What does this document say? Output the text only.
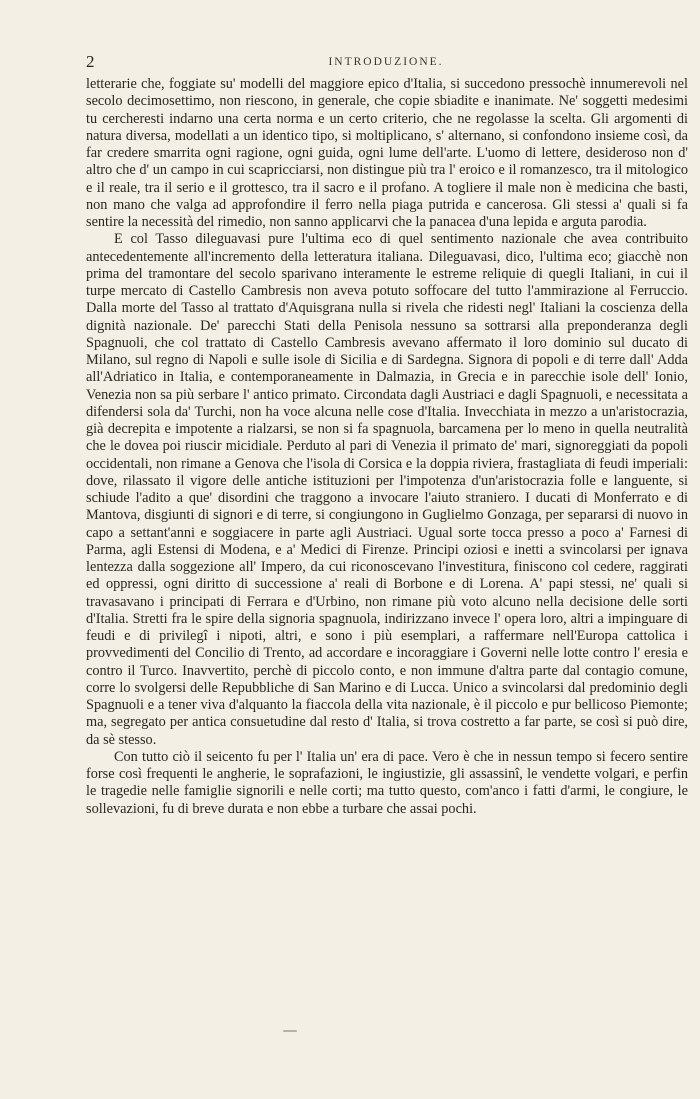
2	INTRODUZIONE.

letterarie che, foggiate su' modelli del maggiore epico d'Italia, si succedono pressochè innumerevoli nel secolo decimosettimo, non riescono, in generale, che copie sbiadite e inanimate. Ne' soggetti medesimi tu cercheresti indarno una certa norma e un certo criterio, che ne regolasse la scelta. Gli argomenti di natura diversa, modellati a un identico tipo, si moltiplicano, s' alternano, si confondono insieme così, da far credere smarrita ogni ragione, ogni guida, ogni lume dell'arte. L'uomo di lettere, desideroso non d' altro che d' un campo in cui scapricciarsi, non distingue più tra l' eroico e il romanzesco, tra il mitologico e il reale, tra il serio e il grottesco, tra il sacro e il profano. A togliere il male non è medicina che basti, non mano che valga ad approfondire il ferro nella piaga putrida e cancerosa. Gli stessi a' quali si fa sentire la necessità del rimedio, non sanno applicarvi che la panacea d'una lepida e arguta parodia.

E col Tasso dileguavasi pure l'ultima eco di quel sentimento nazionale che avea contribuito antecedentemente all'incremento della letteratura italiana. Dileguavasi, dico, l'ultima eco; giacchè non prima del tramontare del secolo sparivano interamente le estreme reliquie di quegli Italiani, in cui il turpe mercato di Castello Cambresis non aveva potuto soffocare del tutto l'ammirazione al Ferruccio. Dalla morte del Tasso al trattato d'Aquisgrana nulla si rivela che ridesti negl' Italiani la coscienza della dignità nazionale. De' parecchi Stati della Penisola nessuno sa sottrarsi alla preponderanza degli Spagnuoli, che col trattato di Castello Cambresis avevano affermato il loro dominio sul ducato di Milano, sul regno di Napoli e sulle isole di Sicilia e di Sardegna. Signora di popoli e di terre dall' Adda all'Adriatico in Italia, e contemporaneamente in Dalmazia, in Grecia e in parecchie isole dell' Ionio, Venezia non sa più serbare l' antico primato. Circondata dagli Austriaci e dagli Spagnuoli, e necessitata a difendersi sola da' Turchi, non ha voce alcuna nelle cose d'Italia. Invecchiata in mezzo a un'aristocrazia, già decrepita e impotente a rialzarsi, se non si fa spagnuola, barcamena per lo meno in quella neutralità che le dovea poi riuscir micidiale. Perduto al pari di Venezia il primato de' mari, signoreggiati da popoli occidentali, non rimane a Genova che l'isola di Corsica e la doppia riviera, frastagliata di feudi imperiali: dove, rilassato il vigore delle antiche istituzioni per l'impotenza d'un'aristocrazia folle e languente, si schiude l'adito a que' disordini che traggono a invocare l'aiuto straniero. I ducati di Monferrato e di Mantova, disgiunti di signori e di terre, si congiungono in Guglielmo Gonzaga, per separarsi di nuovo in capo a settant'anni e soggiacere in parte agli Austriaci. Ugual sorte tocca presso a poco a' Farnesi di Parma, agli Estensi di Modena, e a' Medici di Firenze. Principi oziosi e inetti a svincolarsi per ignava lentezza dalla soggezione all' Impero, da cui riconoscevano l'investitura, finiscono col cedere, raggirati ed oppressi, ogni diritto di successione a' reali di Borbone e di Lorena. A' papi stessi, ne' quali si travasavano i principati di Ferrara e d'Urbino, non rimane più voto alcuno nella decisione delle sorti d'Italia. Stretti fra le spire della signoria spagnuola, indirizzano invece l' opera loro, altri a impinguare di feudi e di privilegî i nipoti, altri, e sono i più esemplari, a raffermare nell'Europa cattolica i provvedimenti del Concilio di Trento, ad accordare e incoraggiare i Governi nelle lotte contro l' eresia e contro il Turco. Inavvertito, perchè di piccolo conto, e non immune d'altra parte dal contagio comune, corre lo svolgersi delle Repubbliche di San Marino e di Lucca. Unico a svincolarsi dal predominio degli Spagnuoli e a tener viva d'alquanto la fiaccola della vita nazionale, è il piccolo e pur bellicoso Piemonte; ma, segregato per antica consuetudine dal resto d' Italia, si trova costretto a far parte, se così si può dire, da sè stesso.

Con tutto ciò il seicento fu per l' Italia un' era di pace. Vero è che in nessun tempo si fecero sentire forse così frequenti le angherie, le soprafazioni, le ingiustizie, gli assassinî, le vendette volgari, e perfin le tragedie nelle famiglie signorili e nelle corti; ma tutto questo, com'anco i fatti d'armi, le congiure, le sollevazioni, fu di breve durata e non ebbe a turbare che assai pochi.
